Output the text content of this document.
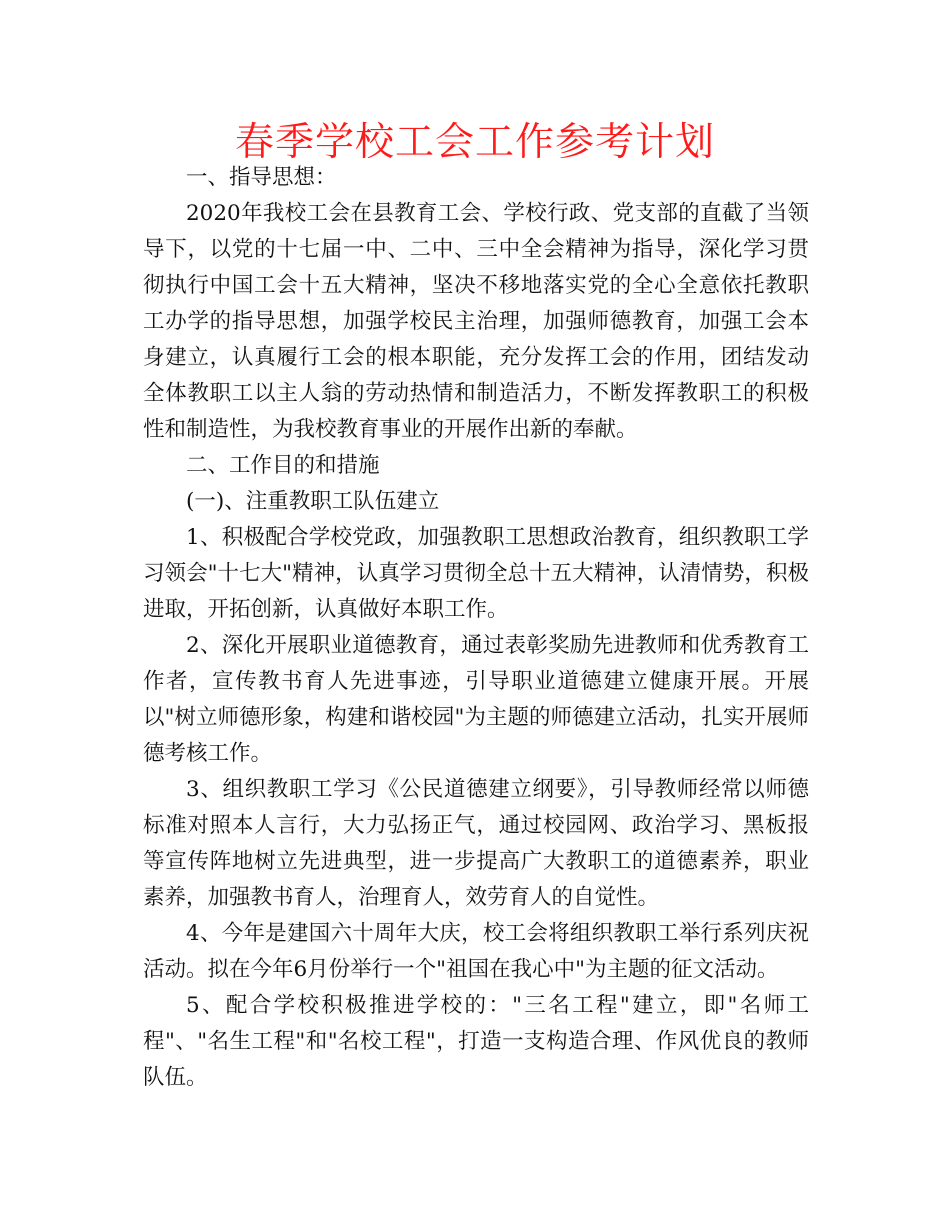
春季学校工会工作参考计划

一、指导思想：

2020年我校工会在县教育工会、学校行政、党支部的直截了当领导下，以党的十七届一中、二中、三中全会精神为指导，深化学习贯彻执行中国工会十五大精神，坚决不移地落实党的全心全意依托教职工办学的指导思想，加强学校民主治理，加强师德教育，加强工会本身建立，认真履行工会的根本职能，充分发挥工会的作用，团结发动全体教职工以主人翁的劳动热情和制造活力，不断发挥教职工的积极性和制造性，为我校教育事业的开展作出新的奉献。

二、工作目的和措施

(一)、注重教职工队伍建立

1、积极配合学校党政，加强教职工思想政治教育，组织教职工学习领会"十七大"精神，认真学习贯彻全总十五大精神，认清情势，积极进取，开拓创新，认真做好本职工作。

2、深化开展职业道德教育，通过表彰奖励先进教师和优秀教育工作者，宣传教书育人先进事迹，引导职业道德建立健康开展。开展以"树立师德形象，构建和谐校园"为主题的师德建立活动，扎实开展师德考核工作。

3、组织教职工学习《公民道德建立纲要》，引导教师经常以师德标准对照本人言行，大力弘扬正气，通过校园网、政治学习、黑板报等宣传阵地树立先进典型，进一步提高广大教职工的道德素养，职业素养，加强教书育人，治理育人，效劳育人的自觉性。

4、今年是建国六十周年大庆，校工会将组织教职工举行系列庆祝活动。拟在今年6月份举行一个"祖国在我心中"为主题的征文活动。

5、配合学校积极推进学校的："三名工程"建立，即"名师工程"、"名生工程"和"名校工程"，打造一支构造合理、作风优良的教师队伍。
